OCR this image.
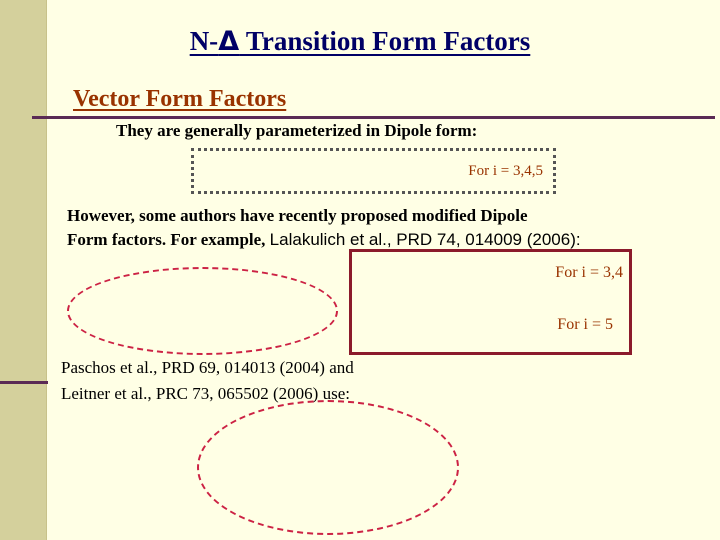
N-Δ Transition Form Factors
Vector Form Factors
They are generally parameterized in Dipole form:
For i = 3,4,5
However, some authors have recently proposed modified Dipole
Form factors. For example, Lalakulich et al., PRD 74, 014009 (2006):
For i = 3,4
For i = 5
Paschos et al., PRD 69, 014013 (2004) and
Leitner et al., PRC 73, 065502 (2006) use:
